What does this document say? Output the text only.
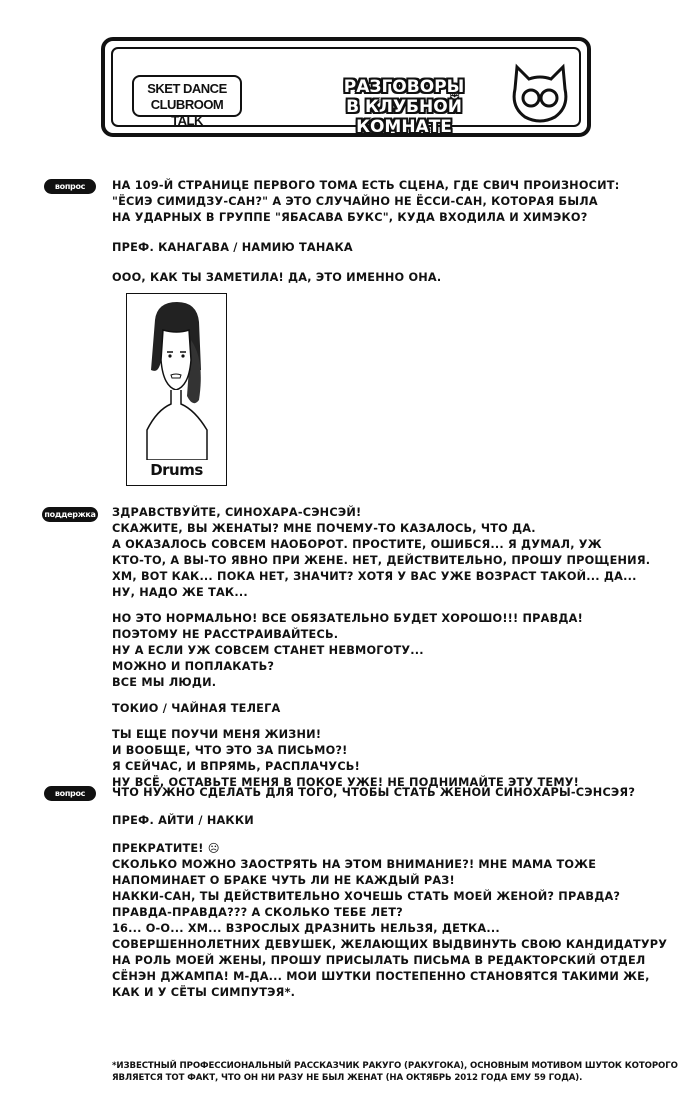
SKET DANCE
CLUBROOM TALK
РАЗГОВОРЫ
В КЛУБНОЙ КОМНАТЕ
вопрос	НА 109-Й СТРАНИЦЕ ПЕРВОГО ТОМА ЕСТЬ СЦЕНА, ГДЕ СВИЧ ПРОИЗНОСИТ:

"ЁСИЭ СИМИДЗУ-САН?" А ЭТО СЛУЧАЙНО НЕ ЁССИ-САН, КОТОРАЯ БЫЛА

НА УДАРНЫХ В ГРУППЕ "ЯБАСАВА БУКС", КУДА ВХОДИЛА И ХИМЭКО?

ПРЕФ. КАНАГАВА / НАМИЮ ТАНАКА

ООО, КАК ТЫ ЗАМЕТИЛА! ДА, ЭТО ИМЕННО ОНА.

Drums
поддержка ЗДРАВСТВУЙТЕ, СИНОХАРА-СЭНСЭЙ!

СКАЖИТЕ, ВЫ ЖЕНАТЫ? МНЕ ПОЧЕМУ-ТО КАЗАЛОСЬ, ЧТО ДА.

А ОКАЗАЛОСЬ СОВСЕМ НАОБОРОТ. ПРОСТИТЕ, ОШИБСЯ... Я ДУМАЛ, УЖ

КТО-ТО, А ВЫ-ТО ЯВНО ПРИ ЖЕНЕ. НЕТ, ДЕЙСТВИТЕЛЬНО, ПРОШУ ПРОЩЕНИЯ.

ХМ, ВОТ КАК... ПОКА НЕТ, ЗНАЧИТ? ХОТЯ У ВАС УЖЕ ВОЗРАСТ ТАКОЙ... ДА...

НУ, НАДО ЖЕ ТАК...

НО ЭТО НОРМАЛЬНО! ВСЕ ОБЯЗАТЕЛЬНО БУДЕТ ХОРОШО!!! ПРАВДА!

ПОЭТОМУ НЕ РАССТРАИВАЙТЕСЬ.

НУ А ЕСЛИ УЖ СОВСЕМ СТАНЕТ НЕВМОГОТУ...

МОЖНО И ПОПЛАКАТЬ?

ВСЕ МЫ ЛЮДИ.

ТОКИО / ЧАЙНАЯ ТЕЛЕГА

ТЫ ЕЩЕ ПОУЧИ МЕНЯ ЖИЗНИ!

И ВООБЩЕ, ЧТО ЭТО ЗА ПИСЬМО?!

Я СЕЙЧАС, И ВПРЯМЬ, РАСПЛАЧУСЬ!

НУ ВСЁ, ОСТАВЬТЕ МЕНЯ В ПОКОЕ УЖЕ! НЕ ПОДНИМАЙТЕ ЭТУ ТЕМУ!

вопрос	ЧТО НУЖНО СДЕЛАТЬ ДЛЯ ТОГО, ЧТОБЫ СТАТЬ ЖЕНОЙ СИНОХАРЫ-СЭНСЭЯ?

ПРЕФ. АЙТИ / НАККИ

ПРЕКРАТИТЕ! ☹

СКОЛЬКО МОЖНО ЗАОСТРЯТЬ НА ЭТОМ ВНИМАНИЕ?! МНЕ МАМА ТОЖЕ

НАПОМИНАЕТ О БРАКЕ ЧУТЬ ЛИ НЕ КАЖДЫЙ РАЗ!

НАККИ-САН, ТЫ ДЕЙСТВИТЕЛЬНО ХОЧЕШЬ СТАТЬ МОЕЙ ЖЕНОЙ? ПРАВДА?

ПРАВДА-ПРАВДА??? А СКОЛЬКО ТЕБЕ ЛЕТ?

16... О-О... ХМ... ВЗРОСЛЫХ ДРАЗНИТЬ НЕЛЬЗЯ, ДЕТКА...

СОВЕРШЕННОЛЕТНИХ ДЕВУШЕК, ЖЕЛАЮЩИХ ВЫДВИНУТЬ СВОЮ КАНДИДАТУРУ

НА РОЛЬ МОЕЙ ЖЕНЫ, ПРОШУ ПРИСЫЛАТЬ ПИСЬМА В РЕДАКТОРСКИЙ ОТДЕЛ

СЁНЭН ДЖАМПА! М-ДА... МОИ ШУТКИ ПОСТЕПЕННО СТАНОВЯТСЯ ТАКИМИ ЖЕ,

КАК И У СЁТЫ СИМПУТЭЯ*.

*ИЗВЕСТНЫЙ ПРОФЕССИОНАЛЬНЫЙ РАССКАЗЧИК РАКУГО (РАКУГОКА), ОСНОВНЫМ МОТИВОМ ШУТОК КОТОРОГО

ЯВЛЯЕТСЯ ТОТ ФАКТ, ЧТО ОН НИ РАЗУ НЕ БЫЛ ЖЕНАТ (НА ОКТЯБРЬ 2012 ГОДА ЕМУ 59 ГОДА).
